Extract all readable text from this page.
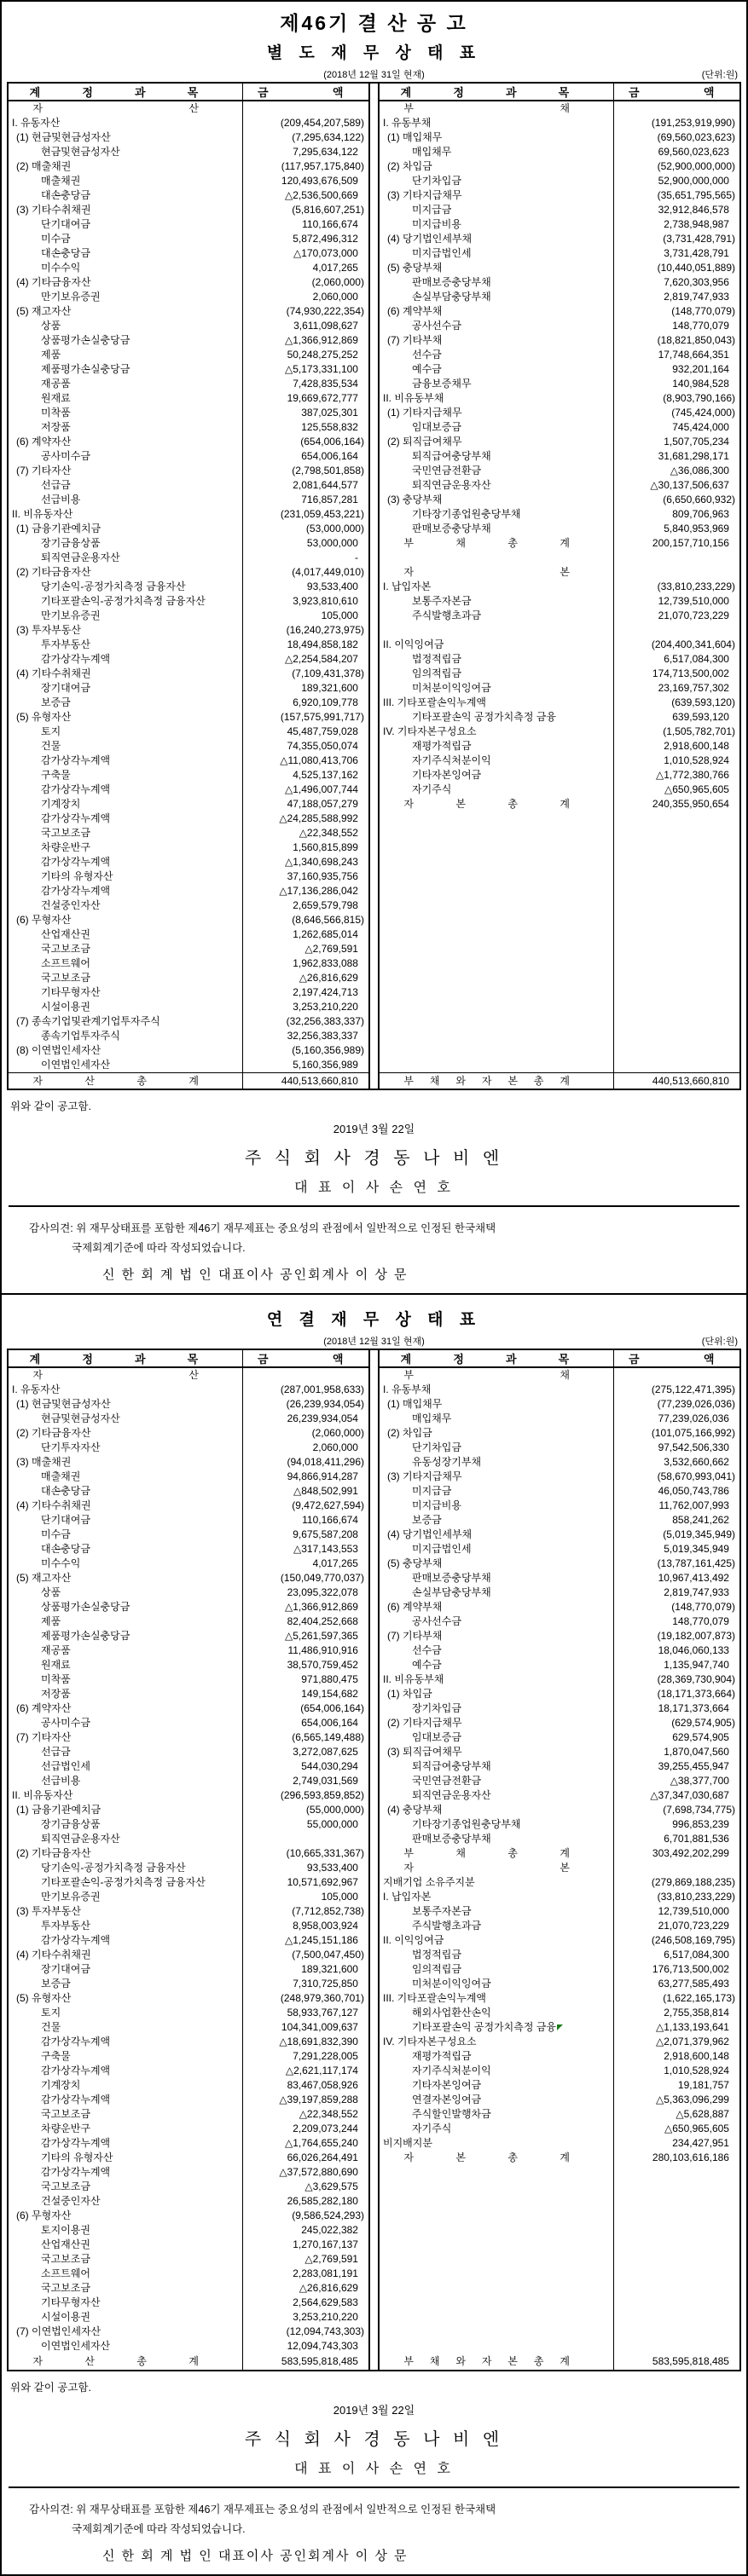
제46기 결 산 공 고
별 도 재 무 상 태 표
(2018년 12월 31일 현재)	(단위:원)
계	정	과	목	금	액
자	산
I. 유동자산	(209,454,207,589)
(1) 현금및현금성자산	(7,295,634,122)
현금및현금성자산	7,295,634,122
(2) 매출채권	(117,957,175,840)
매출채권	120,493,676,509
대손충당금	△2,536,500,669
(3) 기타수취채권	(5,816,607,251)
단기대여금	110,166,674
미수금	5,872,496,312
대손충당금	△170,073,000
미수수익	4,017,265
(4) 기타금융자산	(2,060,000)
만기보유증권	2,060,000
(5) 재고자산	(74,930,222,354)
상품	3,611,098,627
상품평가손실충당금	△1,366,912,869
제품	50,248,275,252
제품평가손실충당금	△5,173,331,100
재공품	7,428,835,534
원재료	19,669,672,777
미착품	387,025,301
저장품	125,558,832
(6) 계약자산	(654,006,164)
공사미수금	654,006,164
(7) 기타자산	(2,798,501,858)
선급금	2,081,644,577
선급비용	716,857,281
II. 비유동자산	(231,059,453,221)
(1) 금융기관예치금	(53,000,000)
장기금융상품	53,000,000
퇴직연금운용자산	-
(2) 기타금융자산	(4,017,449,010)
당기손익-공정가치측정 금융자산	93,533,400
기타포괄손익-공정가치측정 금융자산	3,923,810,610
만기보유증권	105,000
(3) 투자부동산	(16,240,273,975)
투자부동산	18,494,858,182
감가상각누계액	△2,254,584,207
(4) 기타수취채권	(7,109,431,378)
장기대여금	189,321,600
보증금	6,920,109,778
(5) 유형자산	(157,575,991,717)
토지	45,487,759,028
건물	74,355,050,074
감가상각누계액	△11,080,413,706
구축물	4,525,137,162
감가상각누계액	△1,496,007,744
기계장치	47,188,057,279
감가상각누계액	△24,285,588,992
국고보조금	△22,348,552
차량운반구	1,560,815,899
감가상각누계액	△1,340,698,243
기타의 유형자산	37,160,935,756
감가상각누계액	△17,136,286,042
건설중인자산	2,659,579,798
(6) 무형자산	(8,646,566,815)
산업재산권	1,262,685,014
국고보조금	△2,769,591
소프트웨어	1,962,833,088
국고보조금	△26,816,629
기타무형자산	2,197,424,713
시설이용권	3,253,210,220
(7) 종속기업및관계기업투자주식	(32,256,383,337)
종속기업투자주식	32,256,383,337
(8) 이연법인세자산	(5,160,356,989)
이연법인세자산	5,160,356,989
자	산	총	계	440,513,660,810
계	정	과	목	금	액
부	채
I. 유동부채	(191,253,919,990)
(1) 매입채무	(69,560,023,623)
매입채무	69,560,023,623
(2) 차입금	(52,900,000,000)
단기차입금	52,900,000,000
(3) 기타지급채무	(35,651,795,565)
미지급금	32,912,846,578
미지급비용	2,738,948,987
(4) 당기법인세부채	(3,731,428,791)
미지급법인세	3,731,428,791
(5) 충당부채	(10,440,051,889)
판매보증충당부채	7,620,303,956
손실부담충당부채	2,819,747,933
(6) 계약부채	(148,770,079)
공사선수금	148,770,079
(7) 기타부채	(18,821,850,043)
선수금	17,748,664,351
예수금	932,201,164
금융보증채무	140,984,528
II. 비유동부채	(8,903,790,166)
(1) 기타지급채무	(745,424,000)
임대보증금	745,424,000
(2) 퇴직급여채무	1,507,705,234
퇴직급여충당부채	31,681,298,171
국민연금전환금	△36,086,300
퇴직연금운용자산	△30,137,506,637
(3) 충당부채	(6,650,660,932)
기타장기종업원충당부채	809,706,963
판매보증충당부채	5,840,953,969
부	채	총	계	200,157,710,156
자	본
I. 납입자본	(33,810,233,229)
보통주자본금	12,739,510,000
주식발행초과금	21,070,723,229
II. 이익잉여금	(204,400,341,604)
법정적립금	6,517,084,300
임의적립금	174,713,500,002
미처분이익잉여금	23,169,757,302
III. 기타포괄손익누계액	(639,593,120)
기타포괄손익 공정가치측정 금융	639,593,120
IV. 기타자본구성요소	(1,505,782,701)
재평가적립금	2,918,600,148
자기주식처분이익	1,010,528,924
기타자본잉여금	△1,772,380,766
자기주식	△650,965,605
자	본	총	계	240,355,950,654
부 채 와 자 본 총 계	440,513,660,810
위와 같이 공고함.
2019년 3월 22일
주 식 회 사 경 동 나 비 엔
대 표 이 사 손 연 호
감사의견: 위 재무상태표를 포함한 제46기 재무제표는 중요성의 관점에서 일반적으로 인정된 한국채택
국제회계기준에 따라 작성되었습니다.
신 한 회 계 법 인 대표이사 공인회계사 이 상 문
연 결 재 무 상 태 표
(2018년 12월 31일 현재)	(단위:원)
계	정	과	목	금	액
자	산
I. 유동자산	(287,001,958,633)
(1) 현금및현금성자산	(26,239,934,054)
현금및현금성자산	26,239,934,054
(2) 기타금융자산	(2,060,000)
단기투자자산	2,060,000
(3) 매출채권	(94,018,411,296)
매출채권	94,866,914,287
대손충당금	△848,502,991
(4) 기타수취채권	(9,472,627,594)
단기대여금	110,166,674
미수금	9,675,587,208
대손충당금	△317,143,553
미수수익	4,017,265
(5) 재고자산	(150,049,770,037)
상품	23,095,322,078
상품평가손실충당금	△1,366,912,869
제품	82,404,252,668
제품평가손실충당금	△5,261,597,365
재공품	11,486,910,916
원재료	38,570,759,452
미착품	971,880,475
저장품	149,154,682
(6) 계약자산	(654,006,164)
공사미수금	654,006,164
(7) 기타자산	(6,565,149,488)
선급금	3,272,087,625
선급법인세	544,030,294
선급비용	2,749,031,569
II. 비유동자산	(296,593,859,852)
(1) 금융기관예치금	(55,000,000)
장기금융상품	55,000,000
퇴직연금운용자산
(2) 기타금융자산	(10,665,331,367)
당기손익-공정가치측정 금융자산	93,533,400
기타포괄손익-공정가치측정 금융자산	10,571,692,967
만기보유증권	105,000
(3) 투자부동산	(7,712,852,738)
투자부동산	8,958,003,924
감가상각누계액	△1,245,151,186
(4) 기타수취채권	(7,500,047,450)
장기대여금	189,321,600
보증금	7,310,725,850
(5) 유형자산	(248,979,360,701)
토지	58,933,767,127
건물	104,341,009,637
감가상각누계액	△18,691,832,390
구축물	7,291,228,005
감가상각누계액	△2,621,117,174
기계장치	83,467,058,926
감가상각누계액	△39,197,859,288
국고보조금	△22,348,552
차량운반구	2,209,073,244
감가상각누계액	△1,764,655,240
기타의 유형자산	66,026,264,491
감가상각누계액	△37,572,880,690
국고보조금	△3,629,575
건설중인자산	26,585,282,180
(6) 무형자산	(9,586,524,293)
토지이용권	245,022,382
산업재산권	1,270,167,137
국고보조금	△2,769,591
소프트웨어	2,283,081,191
국고보조금	△26,816,629
기타무형자산	2,564,629,583
시설이용권	3,253,210,220
(7) 이연법인세자산	(12,094,743,303)
이연법인세자산	12,094,743,303
자	산	총	계	583,595,818,485
계	정	과	목	금	액
부	채
I. 유동부채	(275,122,471,395)
(1) 매입채무	(77,239,026,036)
매입채무	77,239,026,036
(2) 차입금	(101,075,166,992)
단기차입금	97,542,506,330
유동성장기부채	3,532,660,662
(3) 기타지급채무	(58,670,993,041)
미지급금	46,050,743,786
미지급비용	11,762,007,993
보증금	858,241,262
(4) 당기법인세부채	(5,019,345,949)
미지급법인세	5,019,345,949
(5) 충당부채	(13,787,161,425)
판매보증충당부채	10,967,413,492
손실부담충당부채	2,819,747,933
(6) 계약부채	(148,770,079)
공사선수금	148,770,079
(7) 기타부채	(19,182,007,873)
선수금	18,046,060,133
예수금	1,135,947,740
II. 비유동부채	(28,369,730,904)
(1) 차입금	(18,171,373,664)
장기차입금	18,171,373,664
(2) 기타지급채무	(629,574,905)
임대보증금	629,574,905
(3) 퇴직급여채무	1,870,047,560
퇴직급여충당부채	39,255,455,947
국민연금전환금	△38,377,700
퇴직연금운용자산	△37,347,030,687
(4) 충당부채	(7,698,734,775)
기타장기종업원충당부채	996,853,239
판매보증충당부채	6,701,881,536
부	채	총	계	303,492,202,299
자	본
지배기업 소유주지분	(279,869,188,235)
I. 납입자본	(33,810,233,229)
보통주자본금	12,739,510,000
주식발행초과금	21,070,723,229
II. 이익잉여금	(246,508,169,795)
법정적립금	6,517,084,300
임의적립금	176,713,500,002
미처분이익잉여금	63,277,585,493
III. 기타포괄손익누계액	(1,622,165,173)
해외사업환산손익	2,755,358,814
기타포괄손익 공정가치측정 금융	△1,133,193,641
IV. 기타자본구성요소	△2,071,379,962
재평가적립금	2,918,600,148
자기주식처분이익	1,010,528,924
기타자본잉여금	19,181,757
연결자본잉여금	△5,363,096,299
주식할인발행차금	△5,628,887
자기주식	△650,965,605
비지배지분	234,427,951
자	본	총	계	280,103,616,186
부 채 와 자 본 총 계	583,595,818,485
위와 같이 공고함.
2019년 3월 22일
주 식 회 사 경 동 나 비 엔
대 표 이 사 손 연 호
감사의견: 위 재무상태표를 포함한 제46기 재무제표는 중요성의 관점에서 일반적으로 인정된 한국채택
국제회계기준에 따라 작성되었습니다.
신 한 회 계 법 인 대표이사 공인회계사 이 상 문
